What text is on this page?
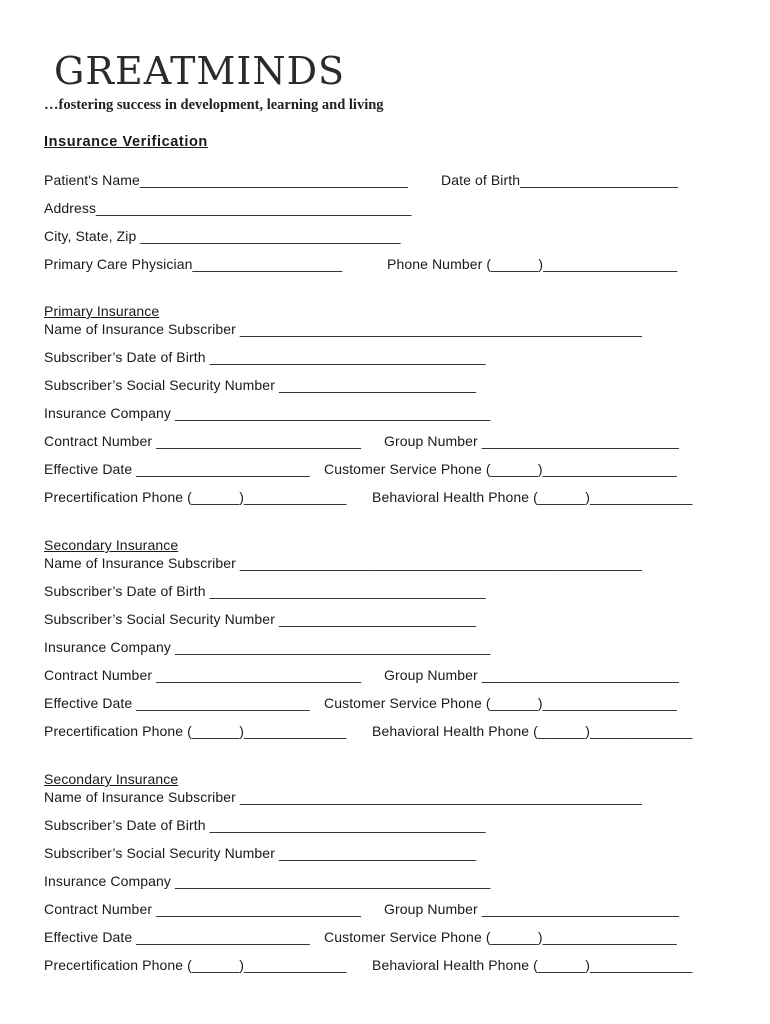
GREATMINDS
…fostering success in development, learning and living
Insurance Verification
Patient's Name__________________________________ Date of Birth____________________
Address________________________________________
City, State, Zip _________________________________
Primary Care Physician___________________	Phone Number (______)_________________
Primary Insurance
Name of Insurance Subscriber ___________________________________________________
Subscriber’s Date of Birth ___________________________________
Subscriber’s Social Security Number _________________________
Insurance Company ________________________________________
Contract Number __________________________ Group Number _________________________
Effective Date ______________________ Customer Service Phone (______)_________________
Precertification Phone (______)_____________ Behavioral Health Phone (______)_____________
Secondary Insurance
Name of Insurance Subscriber ___________________________________________________
Subscriber’s Date of Birth ___________________________________
Subscriber’s Social Security Number _________________________
Insurance Company ________________________________________
Contract Number __________________________ Group Number _________________________
Effective Date ______________________ Customer Service Phone (______)_________________
Precertification Phone (______)_____________ Behavioral Health Phone (______)_____________
Secondary Insurance
Name of Insurance Subscriber ___________________________________________________
Subscriber’s Date of Birth ___________________________________
Subscriber’s Social Security Number _________________________
Insurance Company ________________________________________
Contract Number __________________________ Group Number _________________________
Effective Date ______________________ Customer Service Phone (______)_________________
Precertification Phone (______)_____________ Behavioral Health Phone (______)_____________
